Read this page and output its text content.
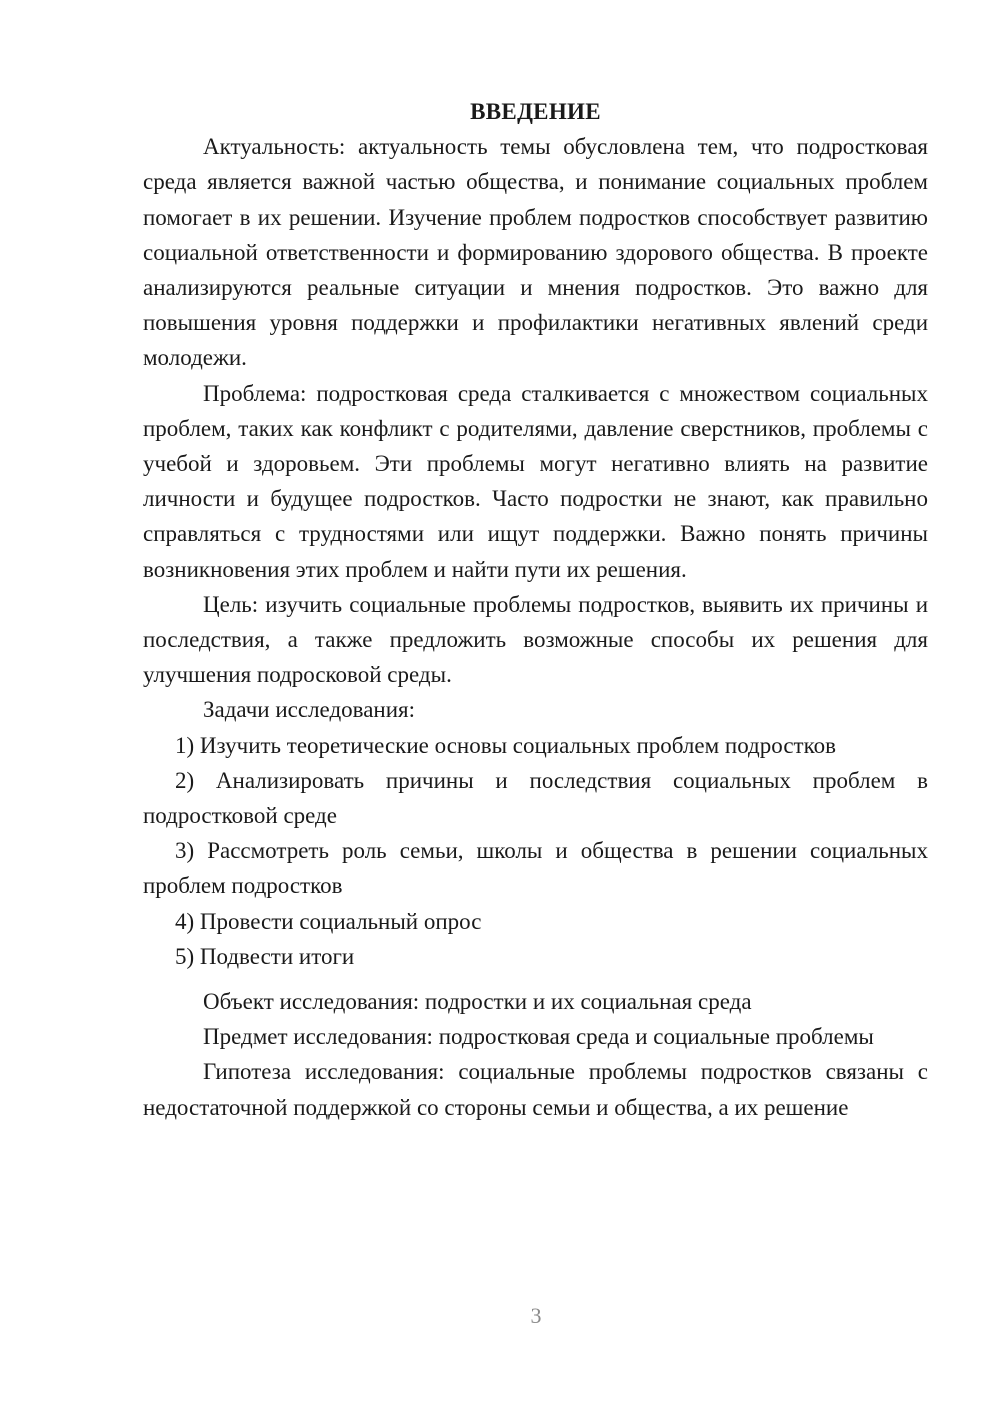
ВВЕДЕНИЕ

Актуальность: актуальность темы обусловлена тем, что подростковая среда является важной частью общества, и понимание социальных проблем помогает в их решении. Изучение проблем подростков способствует развитию социальной ответственности и формированию здорового общества. В проекте анализируются реальные ситуации и мнения подростков. Это важно для повышения уровня поддержки и профилактики негативных явлений среди молодежи.

Проблема: подростковая среда сталкивается с множеством социальных проблем, таких как конфликт с родителями, давление сверстников, проблемы с учебой и здоровьем. Эти проблемы могут негативно влиять на развитие личности и будущее подростков. Часто подростки не знают, как правильно справляться с трудностями или ищут поддержки. Важно понять причины возникновения этих проблем и найти пути их решения.

Цель: изучить социальные проблемы подростков, выявить их причины и последствия, а также предложить возможные способы их решения для улучшения подросковой среды.

Задачи исследования:

1) Изучить теоретические основы социальных проблем подростков

2) Анализировать причины и последствия социальных проблем в подростковой среде

3) Рассмотреть роль семьи, школы и общества в решении социальных проблем подростков

4) Провести социальный опрос

5) Подвести итоги

Объект исследования: подростки и их социальная среда

Предмет исследования: подростковая среда и социальные проблемы

Гипотеза исследования: социальные проблемы подростков связаны с недостаточной поддержкой со стороны семьи и общества, а их решение

3
